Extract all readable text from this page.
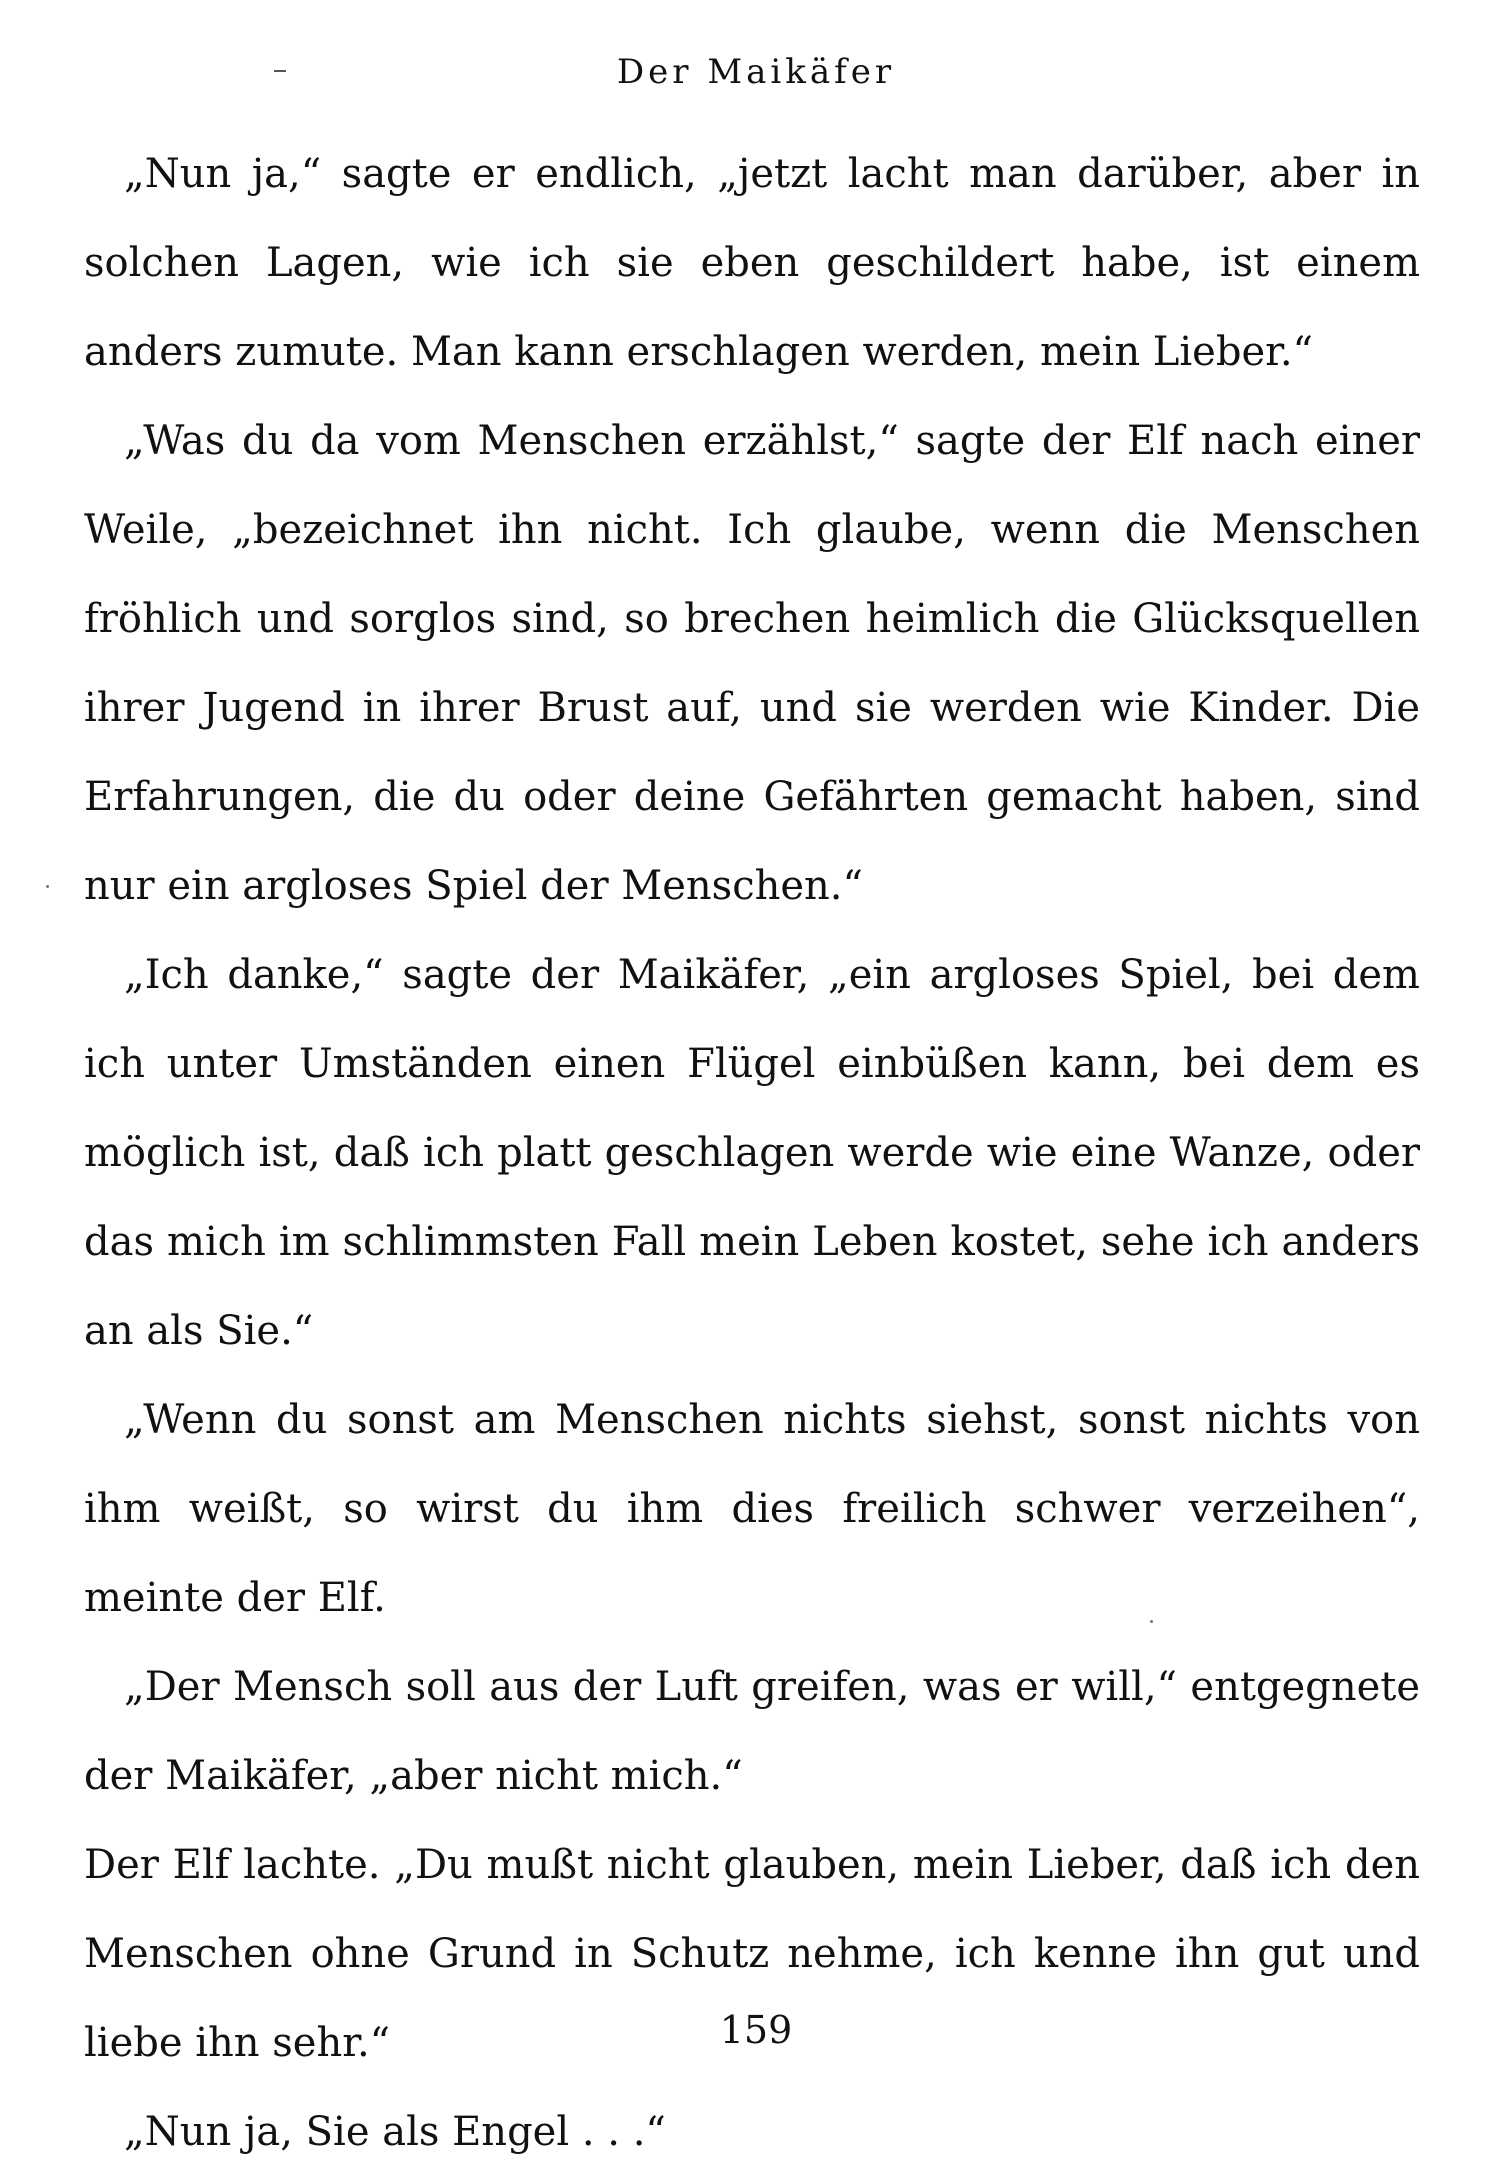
Der Maikäfer

„Nun ja,“ sagte er endlich, „jetzt lacht man darüber, aber in solchen Lagen, wie ich sie eben geschildert habe, ist einem anders zumute. Man kann erschlagen werden, mein Lieber.“

„Was du da vom Menschen erzählst,“ sagte der Elf nach einer Weile, „bezeichnet ihn nicht. Ich glaube, wenn die Menschen fröhlich und sorglos sind, so brechen heimlich die Glücksquellen ihrer Jugend in ihrer Brust auf, und sie werden wie Kinder. Die Erfahrungen, die du oder deine Gefährten gemacht haben, sind nur ein argloses Spiel der Menschen.“

„Ich danke,“ sagte der Maikäfer, „ein argloses Spiel, bei dem ich unter Umständen einen Flügel einbüßen kann, bei dem es möglich ist, daß ich platt geschlagen werde wie eine Wanze, oder das mich im schlimmsten Fall mein Leben kostet, sehe ich anders an als Sie.“

„Wenn du sonst am Menschen nichts siehst, sonst nichts von ihm weißt, so wirst du ihm dies freilich schwer verzeihen“, meinte der Elf.

„Der Mensch soll aus der Luft greifen, was er will,“ entgegnete der Maikäfer, „aber nicht mich.“

Der Elf lachte. „Du mußt nicht glauben, mein Lieber, daß ich den Menschen ohne Grund in Schutz nehme, ich kenne ihn gut und liebe ihn sehr.“

„Nun ja, Sie als Engel . . .“

159
